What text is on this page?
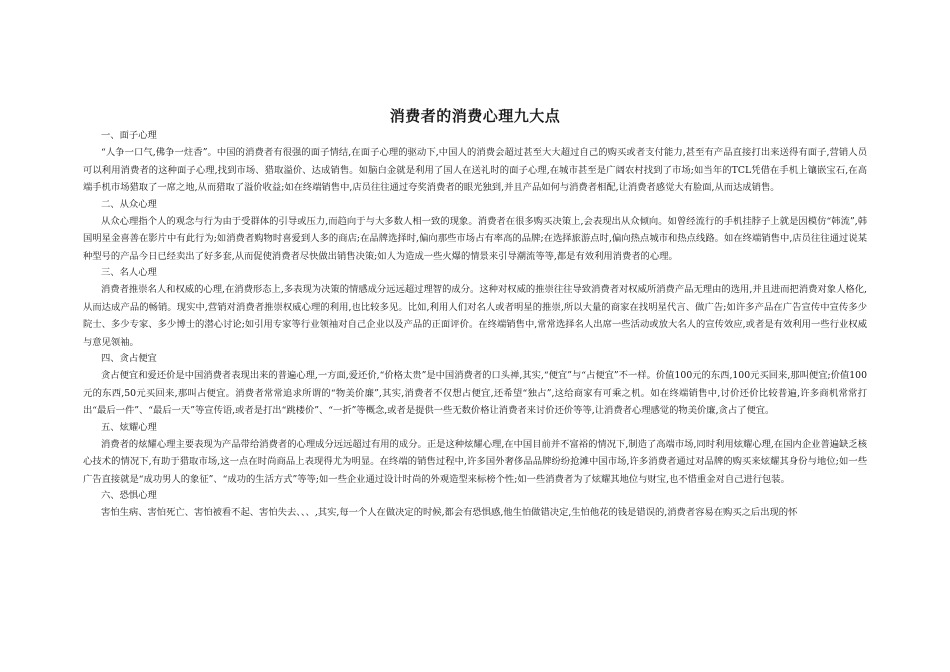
消费者的消费心理九大点

一、面子心理

“人争一口气,佛争一炷香”。中国的消费者有很强的面子情结,在面子心理的驱动下,中国人的消费会超过甚至大大超过自己的购买或者支付能力,甚至有产品直接打出来送得有面子,营销人员可以利用消费者的这种面子心理,找到市场、猎取溢价、达成销售。如脑白金就是利用了国人在送礼时的面子心理,在城市甚至是广阔农村找到了市场;如当年的TCL凭借在手机上镶嵌宝石,在高端手机市场猎取了一席之地,从而猎取了溢价收益;如在终端销售中,店员往往通过夸奖消费者的眼光独到,并且产品如何与消费者相配,让消费者感觉大有脸面,从而达成销售。

二、从众心理

从众心理指个人的观念与行为由于受群体的引导或压力,而趋向于与大多数人相一致的现象。消费者在很多购买决策上,会表现出从众倾向。如曾经流行的手机挂脖子上就是因模仿“韩流”,韩国明星金喜善在影片中有此行为;如消费者购物时喜爱到人多的商店;在品牌选择时,偏向那些市场占有率高的品牌;在选择旅游点时,偏向热点城市和热点线路。如在终端销售中,店员往往通过说某种型号的产品今日已经卖出了好多套,从而促使消费者尽快做出销售决策;如人为造成一些火爆的情景来引导潮流等等,都是有效利用消费者的心理。

三、名人心理

消费者推崇名人和权威的心理,在消费形态上,多表现为决策的情感成分远远超过理智的成分。这种对权威的推崇往往导致消费者对权威所消费产品无理由的选用,并且进而把消费对象人格化,从而达成产品的畅销。现实中,营销对消费者推崇权威心理的利用,也比较多见。比如,利用人们对名人或者明星的推崇,所以大量的商家在找明星代言、做广告;如许多产品在广告宣传中宣传多少院士、多少专家、多少博士的潜心讨论;如引用专家等行业领袖对自己企业以及产品的正面评价。在终端销售中,常常选择名人出席一些活动或放大名人的宣传效应,或者是有效利用一些行业权威与意见领袖。

四、贪占便宜

贪占便宜和爱还价是中国消费者表现出来的普遍心理,一方面,爱还价,“价格太贵”是中国消费者的口头禅,其实,“便宜”与“占便宜”不一样。价值100元的东西,100元买回来,那叫便宜;价值100元的东西,50元买回来,那叫占便宜。消费者常常追求所谓的“物美价廉”,其实,消费者不仅想占便宜,还希望“独占”,这给商家有可乘之机。如在终端销售中,讨价还价比较普遍,许多商机常常打出“最后一件”、“最后一天”等宣传语,或者是打出“跳楼价”、“一折”等概念,或者是提供一些无数价格让消费者来讨价还价等等,让消费者心理感觉的物美价廉,贪占了便宜。

五、炫耀心理

消费者的炫耀心理主要表现为产品带给消费者的心理成分远远超过有用的成分。正是这种炫耀心理,在中国目前并不富裕的情况下,制造了高端市场,同时利用炫耀心理,在国内企业普遍缺乏核心技术的情况下,有助于猎取市场,这一点在时尚商品上表现得尤为明显。在终端的销售过程中,许多国外奢侈品品牌纷纷抢滩中国市场,许多消费者通过对品牌的购买来炫耀其身份与地位;如一些广告直接就是“成功男人的象征”、“成功的生活方式”等等;如一些企业通过设计时尚的外观造型来标榜个性;如一些消费者为了炫耀其地位与财宝,也不惜重金对自己进行包装。

六、恐惧心理

害怕生病、害怕死亡、害怕被看不起、害怕失去、、、,其实,每一个人在做决定的时候,都会有恐惧感,他生怕做错决定,生怕他花的钱是错误的,消费者容易在购买之后出现的怀
